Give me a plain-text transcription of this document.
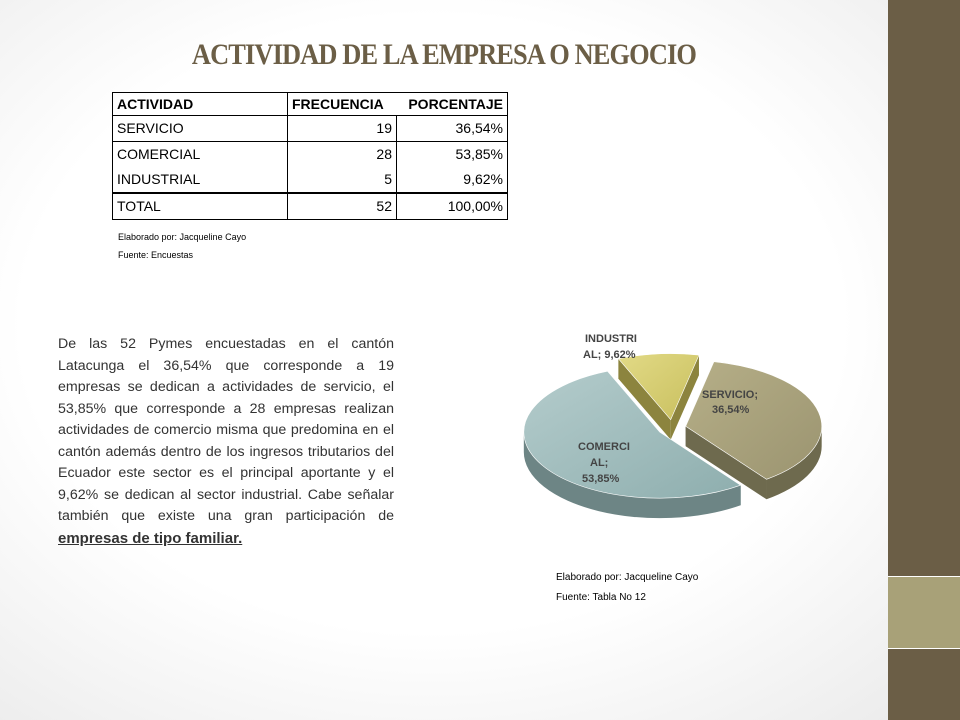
ACTIVIDAD DE LA EMPRESA O NEGOCIO
ACTIVIDAD	FRECUENCIA	PORCENTAJE
SERVICIO	19	36,54%
COMERCIAL	28	53,85%
INDUSTRIAL	5	9,62%
TOTAL	52	100,00%
Elaborado por: Jacqueline Cayo
Fuente: Encuestas
De las 52 Pymes encuestadas en el cantón Latacunga el 36,54% que corresponde a 19 empresas se dedican a actividades de servicio, el 53,85% que corresponde a 28 empresas realizan actividades de comercio misma que predomina en el cantón además dentro de los ingresos tributarios del Ecuador este sector es el principal aportante y el 9,62% se dedican al sector industrial. Cabe señalar también que existe una gran participación de empresas de tipo familiar.
SERVICIO;
36,54%
COMERCI
AL;
53,85%
INDUSTRI
AL; 9,62%
Elaborado por: Jacqueline Cayo
Fuente: Tabla No 12
